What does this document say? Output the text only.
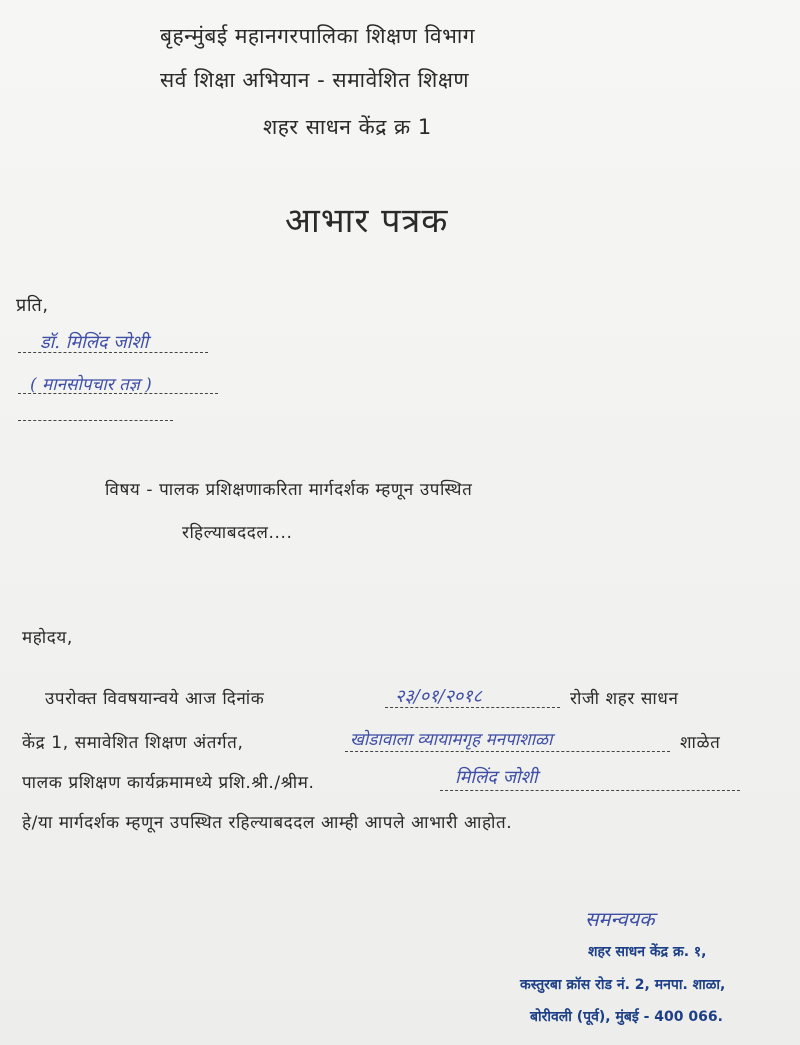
बृहन्मुंबई महानगरपालिका शिक्षण विभाग
सर्व शिक्षा अभियान - समावेशित शिक्षण
शहर साधन केंद्र क्र 1
आभार पत्रक
प्रति,
डॉ. मिलिंद जोशी
( मानसोपचार तज्ञ )
विषय - पालक प्रशिक्षणाकरिता मार्गदर्शक म्हणून उपस्थित
रहिल्याबददल....
महोदय,
उपरोक्त विवषयान्वये आज दिनांक	२३/०१/२०१८	रोजी शहर साधन
केंद्र 1, समावेशित शिक्षण अंतर्गत,	खोडावाला व्यायामगृह मनपाशाळा	शाळेत
पालक प्रशिक्षण कार्यक्रमामध्ये प्रशि.श्री./श्रीम.	मिलिंद जोशी
हे/या मार्गदर्शक म्हणून उपस्थित रहिल्याबददल आम्ही आपले आभारी आहोत.
समन्वयक
शहर साधन केंद्र क्र. १,
कस्तुरबा क्रॉस रोड नं. 2, मनपा. शाळा,
बोरीवली (पूर्व), मुंबई - 400 066.
